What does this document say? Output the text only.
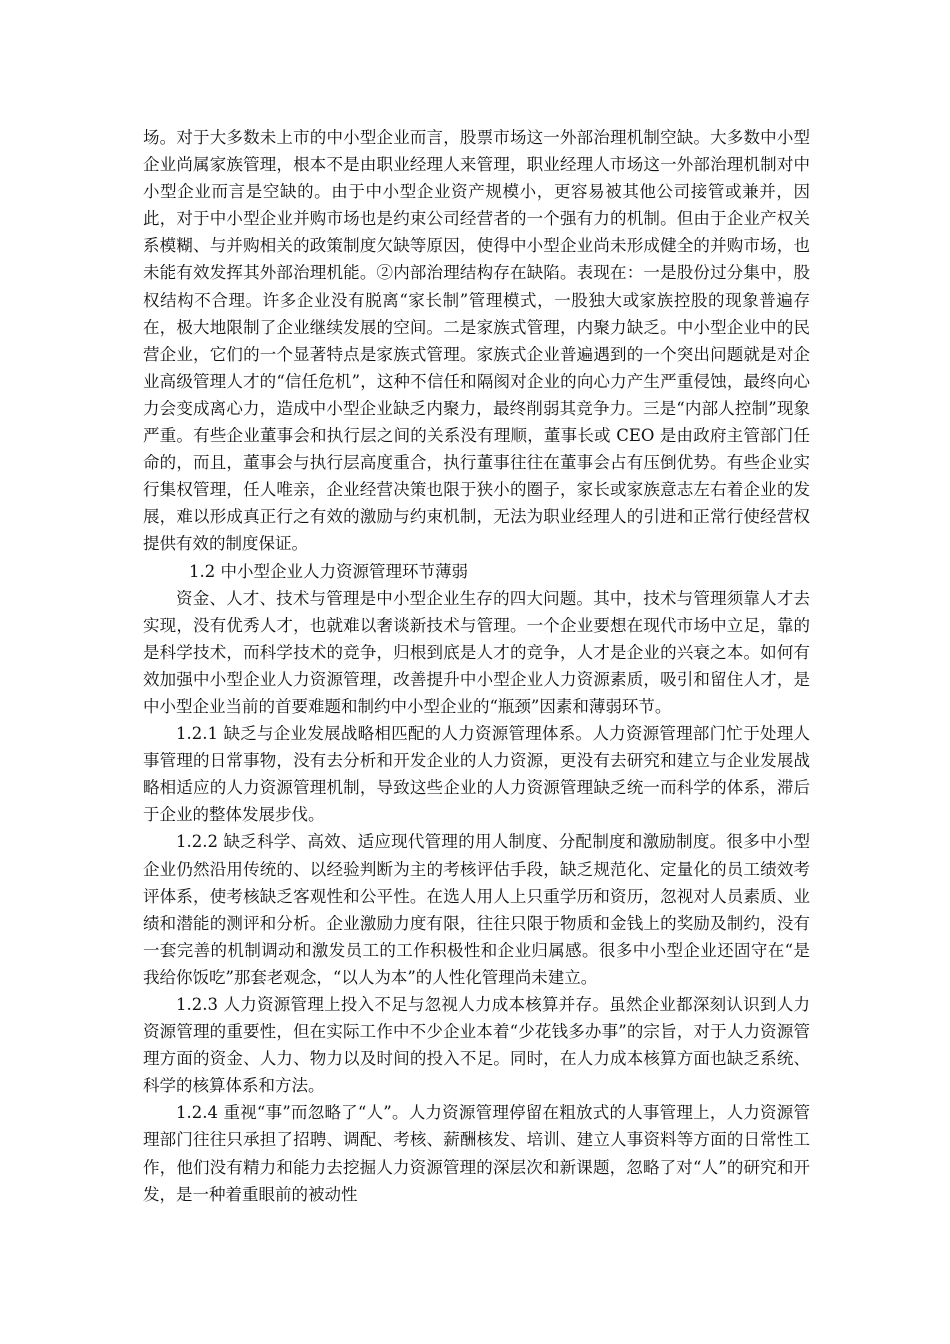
场。对于大多数未上市的中小型企业而言，股票市场这一外部治理机制空缺。大多数中小型企业尚属家族管理，根本不是由职业经理人来管理，职业经理人市场这一外部治理机制对中小型企业而言是空缺的。由于中小型企业资产规模小，更容易被其他公司接管或兼并，因此，对于中小型企业并购市场也是约束公司经营者的一个强有力的机制。但由于企业产权关系模糊、与并购相关的政策制度欠缺等原因，使得中小型企业尚未形成健全的并购市场，也未能有效发挥其外部治理机能。②内部治理结构存在缺陷。表现在：一是股份过分集中，股权结构不合理。许多企业没有脱离“家长制”管理模式，一股独大或家族控股的现象普遍存在，极大地限制了企业继续发展的空间。二是家族式管理，内聚力缺乏。中小型企业中的民营企业，它们的一个显著特点是家族式管理。家族式企业普遍遇到的一个突出问题就是对企业高级管理人才的“信任危机”，这种不信任和隔阂对企业的向心力产生严重侵蚀，最终向心力会变成离心力，造成中小型企业缺乏内聚力，最终削弱其竞争力。三是“内部人控制”现象严重。有些企业董事会和执行层之间的关系没有理顺，董事长或 CEO 是由政府主管部门任命的，而且，董事会与执行层高度重合，执行董事往往在董事会占有压倒优势。有些企业实行集权管理，任人唯亲，企业经营决策也限于狭小的圈子，家长或家族意志左右着企业的发展，难以形成真正行之有效的激励与约束机制，无法为职业经理人的引进和正常行使经营权提供有效的制度保证。

1.2 中小型企业人力资源管理环节薄弱

资金、人才、技术与管理是中小型企业生存的四大问题。其中，技术与管理须靠人才去实现，没有优秀人才，也就难以奢谈新技术与管理。一个企业要想在现代市场中立足，靠的是科学技术，而科学技术的竞争，归根到底是人才的竞争，人才是企业的兴衰之本。如何有效加强中小型企业人力资源管理，改善提升中小型企业人力资源素质，吸引和留住人才，是中小型企业当前的首要难题和制约中小型企业的“瓶颈”因素和薄弱环节。

1.2.1 缺乏与企业发展战略相匹配的人力资源管理体系。人力资源管理部门忙于处理人事管理的日常事物，没有去分析和开发企业的人力资源，更没有去研究和建立与企业发展战略相适应的人力资源管理机制，导致这些企业的人力资源管理缺乏统一而科学的体系，滞后于企业的整体发展步伐。

1.2.2 缺乏科学、高效、适应现代管理的用人制度、分配制度和激励制度。很多中小型企业仍然沿用传统的、以经验判断为主的考核评估手段，缺乏规范化、定量化的员工绩效考评体系，使考核缺乏客观性和公平性。在选人用人上只重学历和资历，忽视对人员素质、业绩和潜能的测评和分析。企业激励力度有限，往往只限于物质和金钱上的奖励及制约，没有一套完善的机制调动和激发员工的工作积极性和企业归属感。很多中小型企业还固守在“是我给你饭吃”那套老观念，“以人为本”的人性化管理尚未建立。

1.2.3 人力资源管理上投入不足与忽视人力成本核算并存。虽然企业都深刻认识到人力资源管理的重要性，但在实际工作中不少企业本着“少花钱多办事”的宗旨，对于人力资源管理方面的资金、人力、物力以及时间的投入不足。同时，在人力成本核算方面也缺乏系统、科学的核算体系和方法。

1.2.4 重视“事”而忽略了“人”。人力资源管理停留在粗放式的人事管理上，人力资源管理部门往往只承担了招聘、调配、考核、薪酬核发、培训、建立人事资料等方面的日常性工作，他们没有精力和能力去挖掘人力资源管理的深层次和新课题，忽略了对“人”的研究和开发，是一种着重眼前的被动性
